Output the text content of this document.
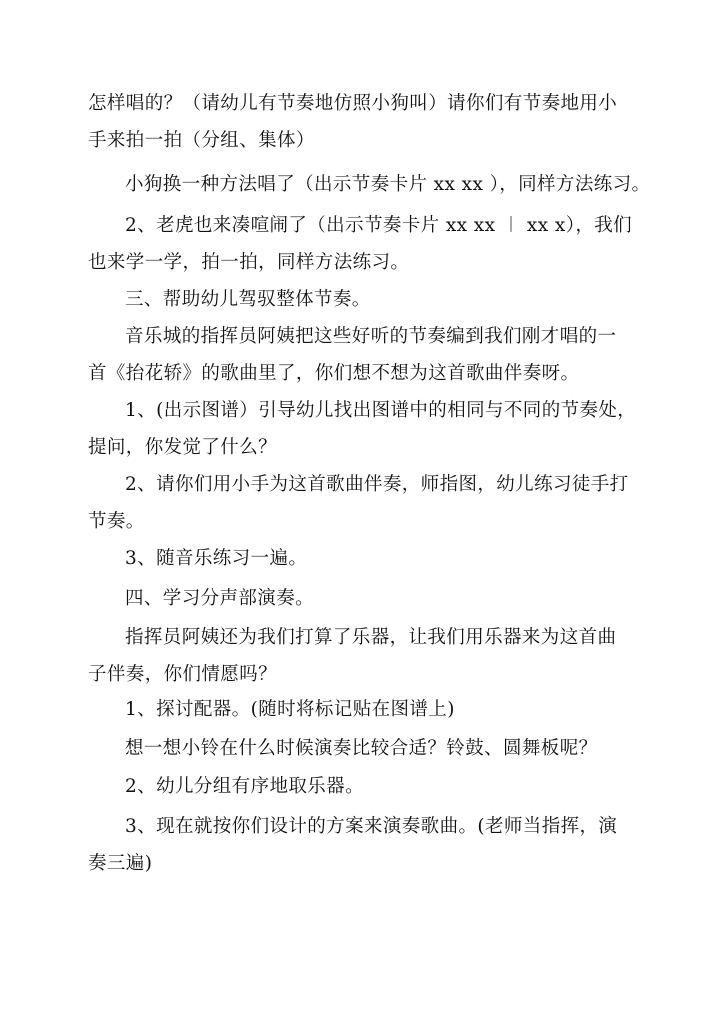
怎样唱的？（请幼儿有节奏地仿照小狗叫）请你们有节奏地用小
手来拍一拍（分组、集体）

小狗换一种方法唱了（出示节奏卡片 xx xx ），同样方法练习。

2、老虎也来凑喧闹了（出示节奏卡片 xx xx ︱ xx x），我们
也来学一学，拍一拍，同样方法练习。

三、帮助幼儿驾驭整体节奏。

音乐城的指挥员阿姨把这些好听的节奏编到我们刚才唱的一
首《抬花轿》的歌曲里了，你们想不想为这首歌曲伴奏呀。

1、(出示图谱）引导幼儿找出图谱中的相同与不同的节奏处，
提问，你发觉了什么？

2、请你们用小手为这首歌曲伴奏，师指图，幼儿练习徒手打
节奏。

3、随音乐练习一遍。

四、学习分声部演奏。

指挥员阿姨还为我们打算了乐器，让我们用乐器来为这首曲
子伴奏，你们情愿吗？

1、探讨配器。(随时将标记贴在图谱上)

想一想小铃在什么时候演奏比较合适？铃鼓、圆舞板呢？

2、幼儿分组有序地取乐器。

3、现在就按你们设计的方案来演奏歌曲。(老师当指挥，演
奏三遍)
